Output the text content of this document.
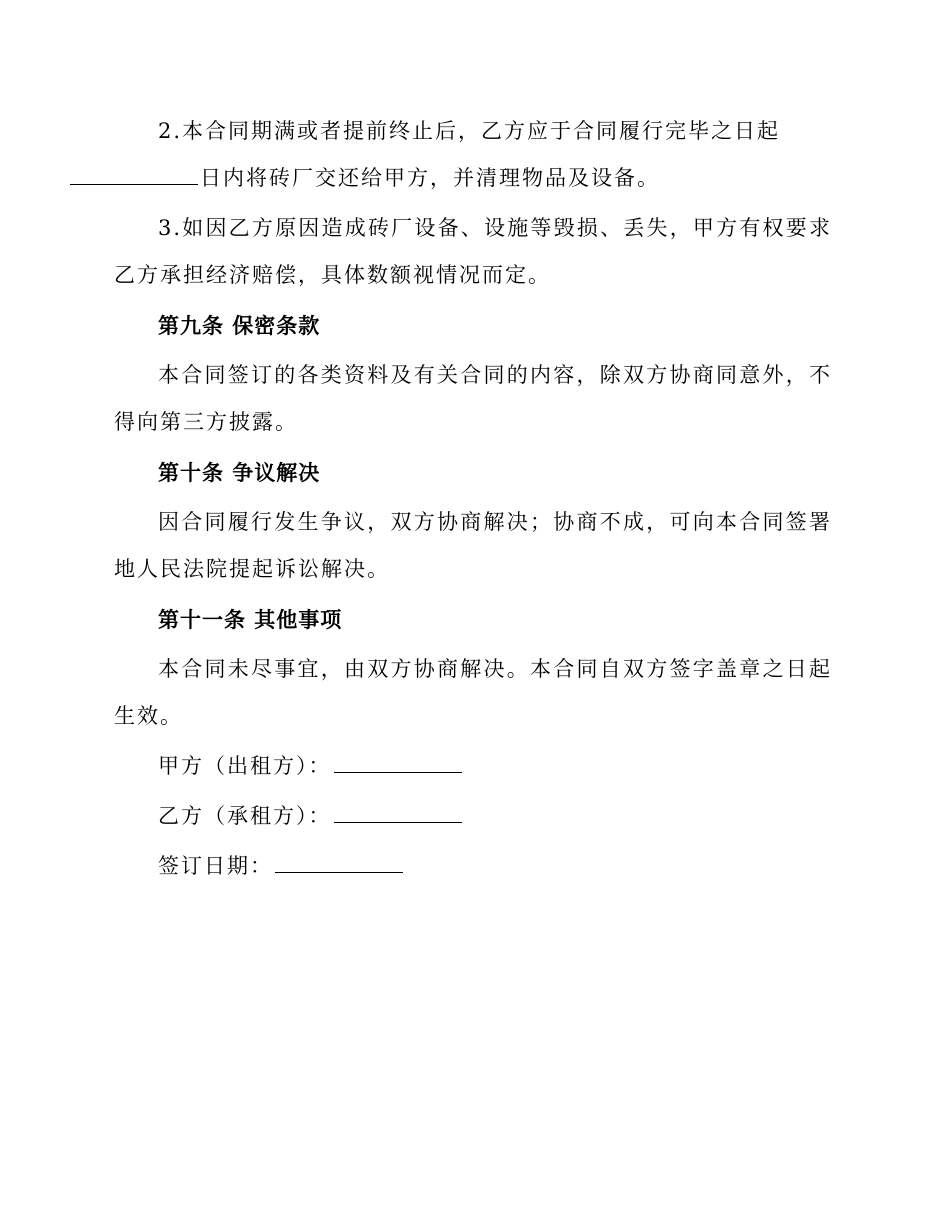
2.本合同期满或者提前终止后，乙方应于合同履行完毕之日起
日内将砖厂交还给甲方，并清理物品及设备。

3.如因乙方原因造成砖厂设备、设施等毁损、丢失，甲方有权要求乙方承担经济赔偿，具体数额视情况而定。

第九条 保密条款

本合同签订的各类资料及有关合同的内容，除双方协商同意外，不得向第三方披露。

第十条 争议解决

因合同履行发生争议，双方协商解决；协商不成，可向本合同签署地人民法院提起诉讼解决。

第十一条 其他事项

本合同未尽事宜，由双方协商解决。本合同自双方签字盖章之日起生效。

甲方（出租方）：
乙方（承租方）：
签订日期：
